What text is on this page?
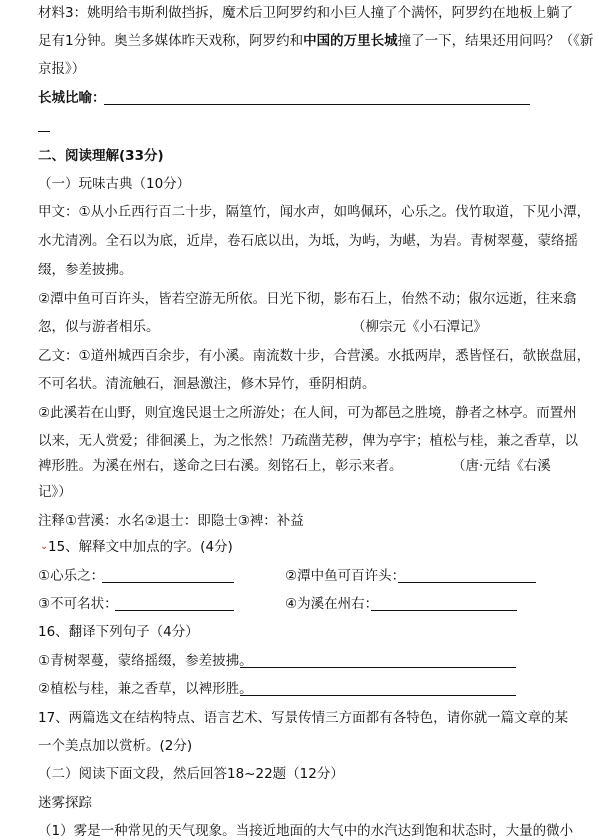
材料3：姚明给韦斯利做挡拆，魔术后卫阿罗约和小巨人撞了个满怀，阿罗约在地板上躺了
足有1分钟。奥兰多媒体昨天戏称，阿罗约和中国的万里长城撞了一下，结果还用问吗？（《新
京报》）
长城比喻：
二、阅读理解(33分)
（一）玩味古典（10分）
甲文：①从小丘西行百二十步，隔篁竹，闻水声，如鸣佩环，心乐之。伐竹取道，下见小潭，
水尤清冽。全石以为底，近岸，卷石底以出，为坻，为屿，为嵁，为岩。青树翠蔓，蒙络摇
缀，参差披拂。
②潭中鱼可百许头，皆若空游无所依。日光下彻，影布石上，佁然不动；俶尔远逝，往来翕
忽，似与游者相乐。	（柳宗元《小石潭记》
乙文：①道州城西百余步，有小溪。南流数十步，合营溪。水抵两岸，悉皆怪石，欹嵌盘屈，
不可名状。清流触石，洄悬激注，修木异竹，垂阴相荫。
②此溪若在山野，则宜逸民退士之所游处；在人间，可为都邑之胜境，静者之林亭。而置州
以来，无人赏爱；徘徊溪上，为之怅然！乃疏凿芜秽，俾为亭宇；植松与桂，兼之香草，以
裨形胜。为溪在州右，遂命之曰右溪。刻铭石上，彰示来者。	（唐·元结《右溪
记》）
注释①营溪：水名②退士：即隐士③裨：补益
⌄ 15、解释文中加点的字。(4分)
①心乐之：	②潭中鱼可百许头：
③不可名状：	④为溪在州右：
16、翻译下列句子（4分）
①青树翠蔓，蒙络摇缀，参差披拂。
②植松与桂，兼之香草，以裨形胜。
17、两篇选文在结构特点、语言艺术、写景传情三方面都有各特色，请你就一篇文章的某
一个美点加以赏析。(2分)
（二）阅读下面文段，然后回答18~22题（12分）
迷雾探踪
（1）雾是一种常见的天气现象。当接近地面的大气中的水汽达到饱和状态时，大量的微小
